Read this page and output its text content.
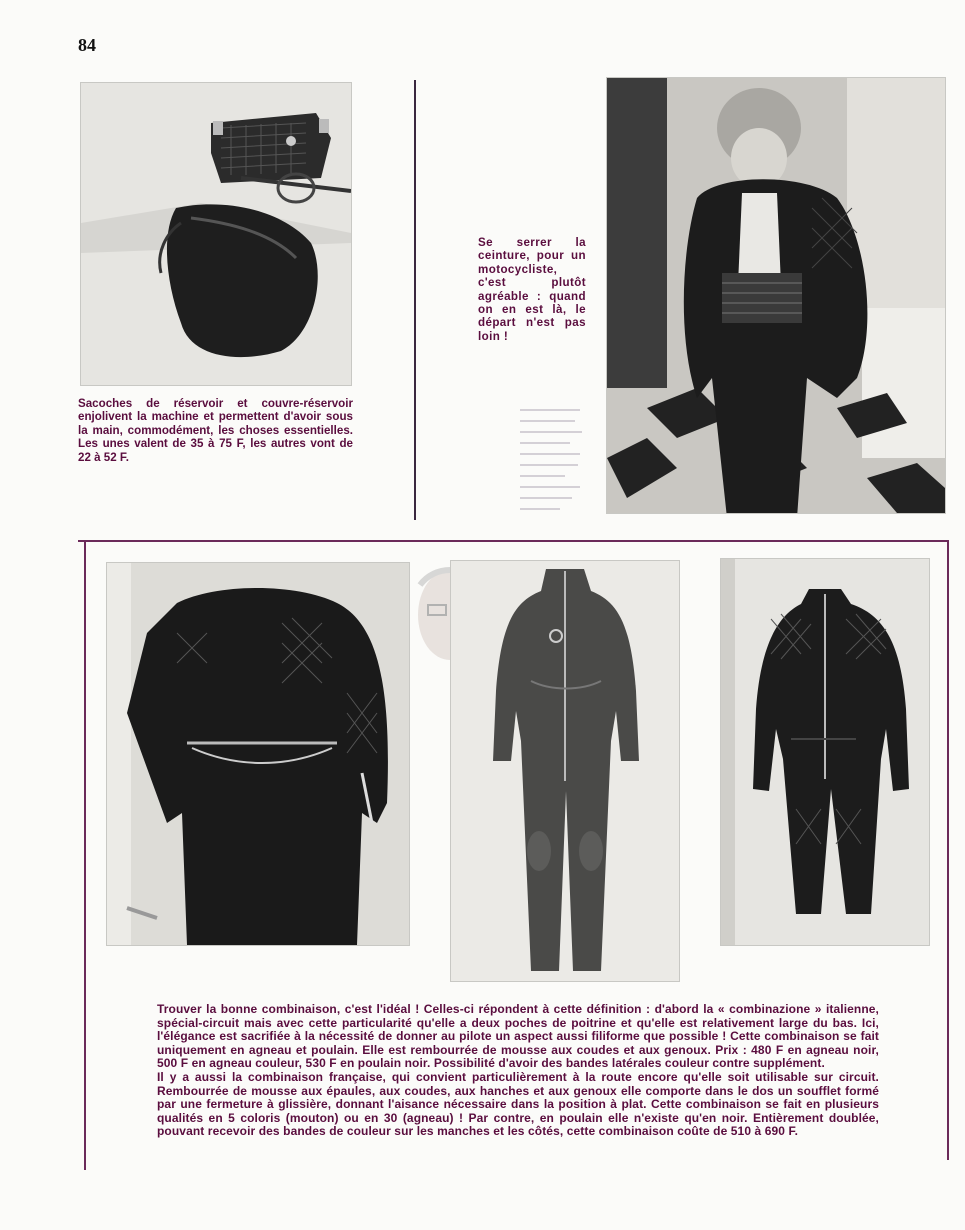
84
Sacoches de réservoir et couvre-réservoir enjolivent la machine et permettent d'avoir sous la main, commodément, les choses essentielles. Les unes valent de 35 à 75 F, les autres vont de 22 à 52 F.
Se serrer la ceinture, pour un motocycliste, c'est plutôt agréable : quand on en est là, le départ n'est pas loin !

Trouver la bonne combinaison, c'est l'idéal ! Celles-ci répondent à cette définition : d'abord la « combinazione » italienne, spécial-circuit mais avec cette particularité qu'elle a deux poches de poitrine et qu'elle est relativement large du bas. Ici, l'élégance est sacrifiée à la nécessité de donner au pilote un aspect aussi filiforme que possible ! Cette combinaison se fait uniquement en agneau et poulain. Elle est rembourrée de mousse aux coudes et aux genoux. Prix : 480 F en agneau noir, 500 F en agneau couleur, 530 F en poulain noir. Possibilité d'avoir des bandes latérales couleur contre supplément.

Il y a aussi la combinaison française, qui convient particulièrement à la route encore qu'elle soit utilisable sur circuit. Rembourrée de mousse aux épaules, aux coudes, aux hanches et aux genoux elle comporte dans le dos un soufflet formé par une fermeture à glissière, donnant l'aisance nécessaire dans la position à plat. Cette combinaison se fait en plusieurs qualités en 5 coloris (mouton) ou en 30 (agneau) ! Par contre, en poulain elle n'existe qu'en noir. Entièrement doublée, pouvant recevoir des bandes de couleur sur les manches et les côtés, cette combinaison coûte de 510 à 690 F.
